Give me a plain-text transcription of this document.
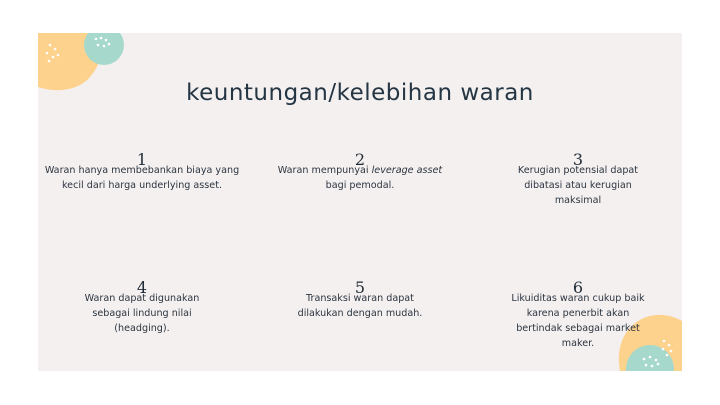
keuntungan/kelebihan waran
1
Waran hanya membebankan biaya yang kecil dari harga underlying asset.
2
Waran mempunyai leverage asset bagi pemodal.
3
Kerugian potensial dapat dibatasi atau kerugian maksimal
4
Waran dapat digunakan sebagai lindung nilai (headging).
5
Transaksi waran dapat dilakukan dengan mudah.
6
Likuiditas waran cukup baik karena penerbit akan bertindak sebagai market maker.
